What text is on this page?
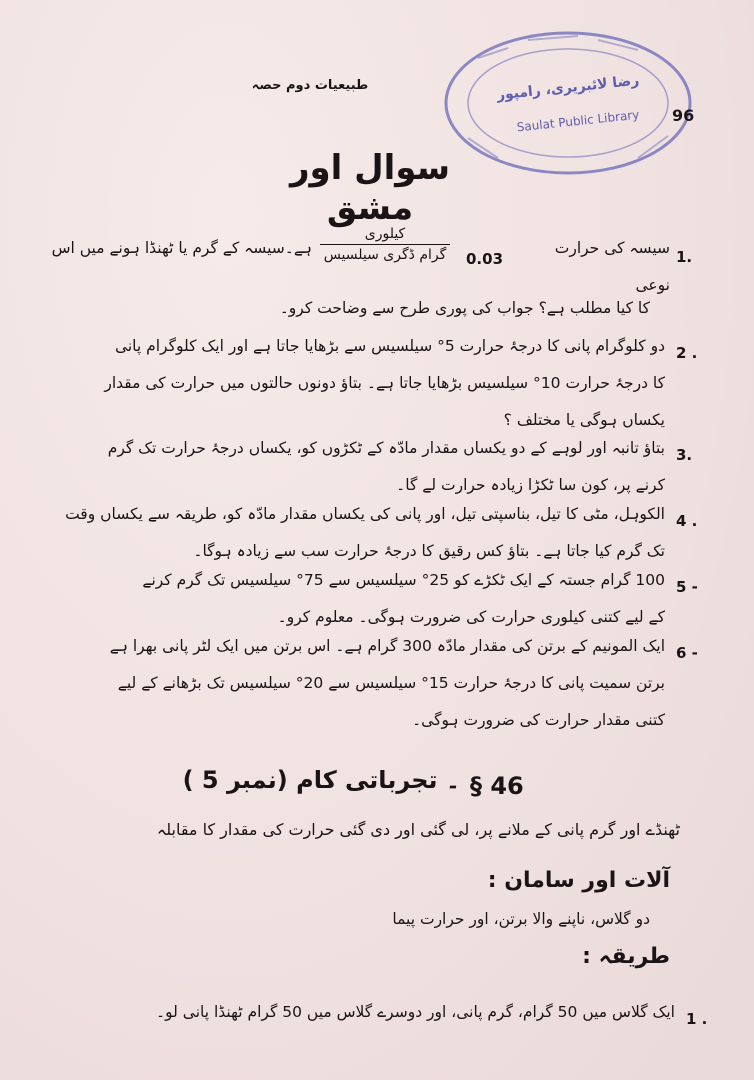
طبیعیات دوم حصہ	رضا لائبریری، رامپور
Saulat Public Library	96
سوال اور مشق
1.
سیسہ کی حرارت نوعی
0.03
کیلوری
گرام ڈگری سیلسیس
ہے۔سیسہ کے گرم یا ٹھنڈا ہونے میں اس
کا کیا مطلب ہے؟ جواب کی پوری طرح سے وضاحت کرو۔
2 .
دو کلوگرام پانی کا درجۂ حرارت 5° سیلسیس سے بڑھایا جاتا ہے اور ایک کلوگرام پانی
کا درجۂ حرارت 10° سیلسیس بڑھایا جاتا ہے۔ بتاؤ دونوں حالتوں میں حرارت کی مقدار
یکساں ہوگی یا مختلف ؟
3.
بتاؤ تانبہ اور لوہے کے دو یکساں مقدار مادّہ کے ٹکڑوں کو، یکساں درجۂ حرارت تک گرم
کرنے پر، کون سا ٹکڑا زیادہ حرارت لے گا۔
4 .
الکوہل، مٹی کا تیل، بناسپتی تیل، اور پانی کی یکساں مقدار مادّہ کو، طریقہ سے یکساں وقت
تک گرم کیا جاتا ہے۔ بتاؤ کس رقیق کا درجۂ حرارت سب سے زیادہ ہوگا۔
5 -
100 گرام جستہ کے ایک ٹکڑے کو 25° سیلسیس سے 75° سیلسیس تک گرم کرنے
کے لیے کتنی کیلوری حرارت کی ضرورت ہوگی۔ معلوم کرو۔
6 -
ایک المونیم کے برتن کی مقدار مادّہ 300 گرام ہے۔ اس برتن میں ایک لٹر پانی بھرا ہے
برتن سمیت پانی کا درجۂ حرارت 15° سیلسیس سے 20° سیلسیس تک بڑھانے کے لیے
کتنی مقدار حرارت کی ضرورت ہوگی۔
§ 46
۔ تجرباتی کام (نمبر 5 )
ٹھنڈے اور گرم پانی کے ملانے پر، لی گئی اور دی گئی حرارت کی مقدار کا مقابلہ
آلات اور سامان :
دو گلاس، ناپنے والا برتن، اور حرارت پیما
طریقہ :
1 .
ایک گلاس میں 50 گرام، گرم پانی، اور دوسرے گلاس میں 50 گرام ٹھنڈا پانی لو۔
